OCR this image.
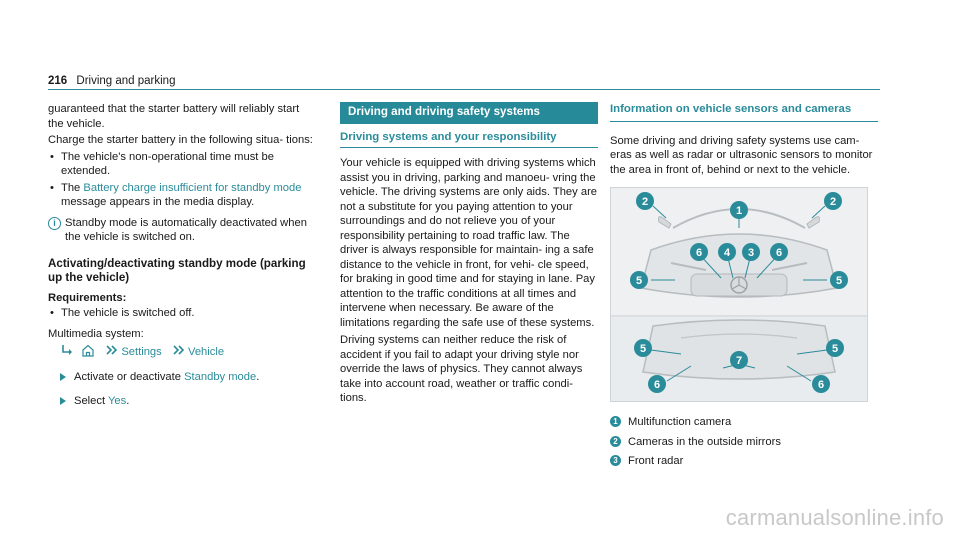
216 Driving and parking

guaranteed that the starter battery will reliably start the vehicle.

Charge the starter battery in the following situa- tions:

• The vehicle's non-operational time must be extended.
• The Battery charge insufficient for standby mode message appears in the media display.
i Standby mode is automatically deactivated when the vehicle is switched on.
Activating/deactivating standby mode (parking up the vehicle)
Requirements:
• The vehicle is switched off.

Multimedia system:

Settings Vehicle
Activate or deactivate Standby mode.
Select Yes.
Driving and driving safety systems
Driving systems and your responsibility

Your vehicle is equipped with driving systems which assist you in driving, parking and manoeu- vring the vehicle. The driving systems are only aids. They are not a substitute for you paying attention to your surroundings and do not relieve you of your responsibility pertaining to road traffic law. The driver is always responsible for maintain- ing a safe distance to the vehicle in front, for vehi- cle speed, for braking in good time and for staying in lane. Pay attention to the traffic conditions at all times and intervene when necessary. Be aware of the limitations regarding the safe use of these systems.

Driving systems can neither reduce the risk of accident if you fail to adapt your driving style nor override the laws of physics. They cannot always take into account road, weather or traffic condi- tions.

Information on vehicle sensors and cameras

Some driving and driving safety systems use cam- eras as well as radar or ultrasonic sensors to monitor the area in front of, behind or next to the vehicle.

1
2	2
6 4 3 6
5	5
5	5
7
6	6
1 Multifunction camera
2 Cameras in the outside mirrors
3 Front radar
carmanualsonline.info
